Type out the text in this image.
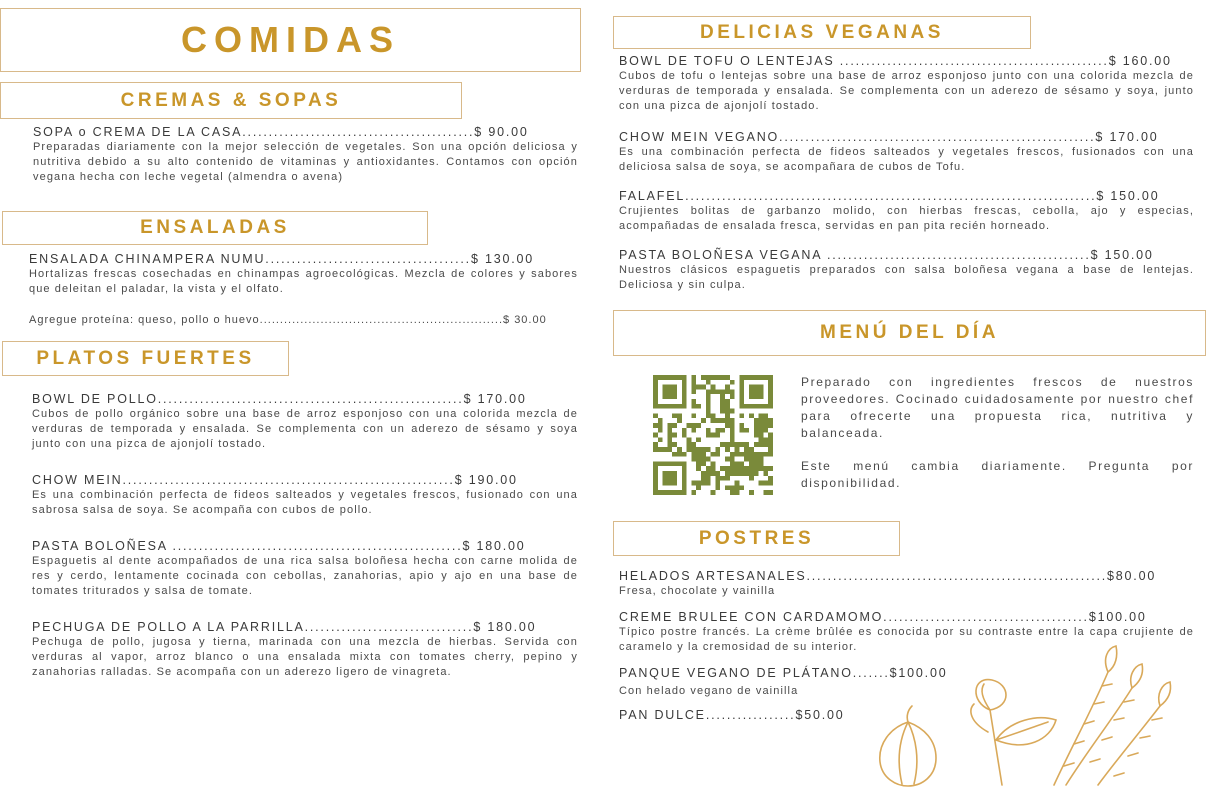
COMIDAS
CREMAS & SOPAS
SOPA o CREMA DE LA CASA............................................$ 90.00
Preparadas diariamente con la mejor selección de vegetales. Son una opción deliciosa y nutritiva debido a su alto contenido de vitaminas y antioxidantes. Contamos con opción vegana hecha con leche vegetal (almendra o avena)
ENSALADAS
ENSALADA CHINAMPERA NUMU.......................................$ 130.00
Hortalizas frescas cosechadas en chinampas agroecológicas. Mezcla de colores y sabores que deleitan el paladar, la vista y el olfato.
Agregue proteína: queso, pollo o huevo............................................................$ 30.00
PLATOS FUERTES
BOWL DE POLLO..........................................................$ 170.00
Cubos de pollo orgánico sobre una base de arroz esponjoso con una colorida mezcla de verduras de temporada y ensalada. Se complementa con un aderezo de sésamo y soya junto con una pizca de ajonjolí tostado.
CHOW MEIN...............................................................$ 190.00
Es una combinación perfecta de fideos salteados y vegetales frescos, fusionado con una sabrosa salsa de soya. Se acompaña con cubos de pollo.
PASTA BOLOÑESA .......................................................$ 180.00
Espaguetis al dente acompañados de una rica salsa boloñesa hecha con carne molida de res y cerdo, lentamente cocinada con cebollas, zanahorias, apio y ajo en una base de tomates triturados y salsa de tomate.
PECHUGA DE POLLO A LA PARRILLA................................$ 180.00
Pechuga de pollo, jugosa y tierna, marinada con una mezcla de hierbas. Servida con verduras al vapor, arroz blanco o una ensalada mixta con tomates cherry, pepino y zanahorias ralladas. Se acompaña con un aderezo ligero de vinagreta.
DELICIAS VEGANAS
BOWL DE TOFU O LENTEJAS ...................................................$ 160.00
Cubos de tofu o lentejas sobre una base de arroz esponjoso junto con una colorida mezcla de verduras de temporada y ensalada. Se complementa con un aderezo de sésamo y soya, junto con una pizca de ajonjolí tostado.
CHOW MEIN VEGANO............................................................$ 170.00
Es una combinación perfecta de fideos salteados y vegetales frescos, fusionados con una deliciosa salsa de soya, se acompañara de cubos de Tofu.
FALAFEL..............................................................................$ 150.00
Crujientes bolitas de garbanzo molido, con hierbas frescas, cebolla, ajo y especias, acompañadas de ensalada fresca, servidas en pan pita recién horneado.
PASTA BOLOÑESA VEGANA ..................................................$ 150.00
Nuestros clásicos espaguetis preparados con salsa boloñesa vegana a base de lentejas. Deliciosa y sin culpa.
MENÚ DEL DÍA
Preparado con ingredientes frescos de nuestros proveedores. Cocinado cuidadosamente por nuestro chef para ofrecerte una propuesta rica, nutritiva y balanceada.
Este menú cambia diariamente. Pregunta por disponibilidad.
POSTRES
HELADOS ARTESANALES.........................................................$80.00
Fresa, chocolate y vainilla
CREME BRULEE CON CARDAMOMO.......................................$100.00
Típico postre francés. La crème brûlée es conocida por su contraste entre la capa crujiente de caramelo y la cremosidad de su interior.
PANQUE VEGANO DE PLÁTANO.......$100.00
Con helado vegano de vainilla
PAN DULCE.................$50.00
